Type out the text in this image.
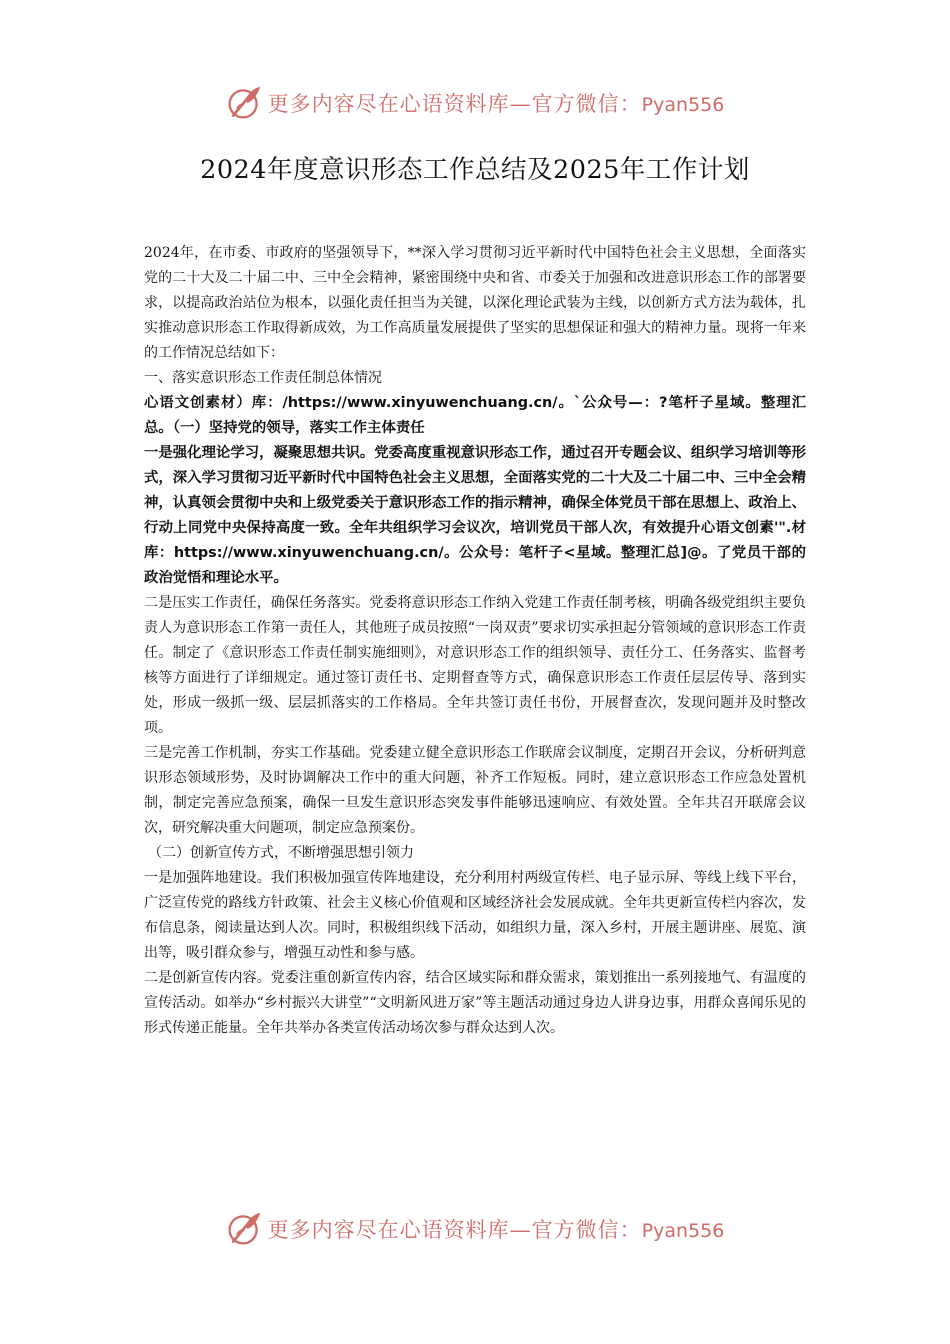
更多内容尽在心语资料库—官方微信：Pyan556
2024年度意识形态工作总结及2025年工作计划

2024年，在市委、市政府的坚强领导下，**深入学习贯彻习近平新时代中国特色社会主义思想，全面落实党的二十大及二十届二中、三中全会精神，紧密围绕中央和省、市委关于加强和改进意识形态工作的部署要求，以提高政治站位为根本，以强化责任担当为关键，以深化理论武装为主线，以创新方式方法为载体，扎实推动意识形态工作取得新成效，为工作高质量发展提供了坚实的思想保证和强大的精神力量。现将一年来的工作情况总结如下：

一、落实意识形态工作责任制总体情况

心语文创素材）库：/https://www.xinyuwenchuang.cn/。`公众号—：?笔杆子星域。整理汇总。（一）坚持党的领导，落实工作主体责任

一是强化理论学习，凝聚思想共识。党委高度重视意识形态工作，通过召开专题会议、组织学习培训等形式，深入学习贯彻习近平新时代中国特色社会主义思想，全面落实党的二十大及二十届二中、三中全会精神，认真领会贯彻中央和上级党委关于意识形态工作的指示精神，确保全体党员干部在思想上、政治上、行动上同党中央保持高度一致。全年共组织学习会议次，培训党员干部人次，有效提升心语文创素'".材库：https://www.xinyuwenchuang.cn/。公众号：笔杆子<星域。整理汇总]@。了党员干部的政治觉悟和理论水平。

二是压实工作责任，确保任务落实。党委将意识形态工作纳入党建工作责任制考核，明确各级党组织主要负责人为意识形态工作第一责任人，其他班子成员按照“一岗双责”要求切实承担起分管领域的意识形态工作责任。制定了《意识形态工作责任制实施细则》，对意识形态工作的组织领导、责任分工、任务落实、监督考核等方面进行了详细规定。通过签订责任书、定期督查等方式，确保意识形态工作责任层层传导、落到实处，形成一级抓一级、层层抓落实的工作格局。全年共签订责任书份，开展督查次，发现问题并及时整改项。

三是完善工作机制，夯实工作基础。党委建立健全意识形态工作联席会议制度，定期召开会议，分析研判意识形态领域形势，及时协调解决工作中的重大问题，补齐工作短板。同时，建立意识形态工作应急处置机制，制定完善应急预案，确保一旦发生意识形态突发事件能够迅速响应、有效处置。全年共召开联席会议次，研究解决重大问题项，制定应急预案份。

（二）创新宣传方式，不断增强思想引领力

一是加强阵地建设。我们积极加强宣传阵地建设，充分利用村两级宣传栏、电子显示屏、等线上线下平台，广泛宣传党的路线方针政策、社会主义核心价值观和区域经济社会发展成就。全年共更新宣传栏内容次，发布信息条，阅读量达到人次。同时，积极组织线下活动，如组织力量，深入乡村，开展主题讲座、展览、演出等，吸引群众参与，增强互动性和参与感。

二是创新宣传内容。党委注重创新宣传内容，结合区域实际和群众需求，策划推出一系列接地气、有温度的宣传活动。如举办“乡村振兴大讲堂”“文明新风进万家”等主题活动通过身边人讲身边事，用群众喜闻乐见的形式传递正能量。全年共举办各类宣传活动场次参与群众达到人次。

更多内容尽在心语资料库—官方微信：Pyan556
